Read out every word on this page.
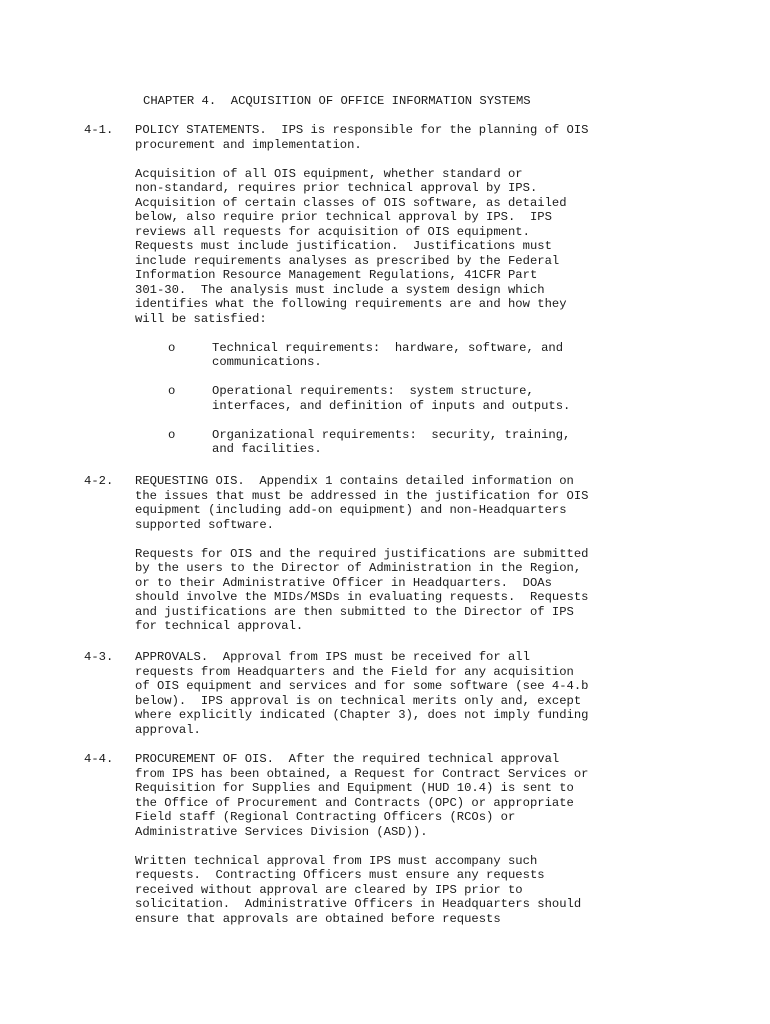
CHAPTER 4.  ACQUISITION OF OFFICE INFORMATION SYSTEMS
4-1. POLICY STATEMENTS.  IPS is responsible for the planning of OIS
procurement and implementation.
Acquisition of all OIS equipment, whether standard or
non-standard, requires prior technical approval by IPS.
Acquisition of certain classes of OIS software, as detailed
below, also require prior technical approval by IPS.  IPS
reviews all requests for acquisition of OIS equipment.
Requests must include justification.  Justifications must
include requirements analyses as prescribed by the Federal
Information Resource Management Regulations, 41CFR Part
301-30.  The analysis must include a system design which
identifies what the following requirements are and how they
will be satisfied:
o	Technical requirements:  hardware, software, and
communications.
o	Operational requirements:  system structure,
interfaces, and definition of inputs and outputs.
o	Organizational requirements:  security, training,
and facilities.
4-2. REQUESTING OIS.  Appendix 1 contains detailed information on
the issues that must be addressed in the justification for OIS
equipment (including add-on equipment) and non-Headquarters
supported software.
Requests for OIS and the required justifications are submitted
by the users to the Director of Administration in the Region,
or to their Administrative Officer in Headquarters.  DOAs
should involve the MIDs/MSDs in evaluating requests.  Requests
and justifications are then submitted to the Director of IPS
for technical approval.
4-3. APPROVALS.  Approval from IPS must be received for all
requests from Headquarters and the Field for any acquisition
of OIS equipment and services and for some software (see 4-4.b
below).  IPS approval is on technical merits only and, except
where explicitly indicated (Chapter 3), does not imply funding
approval.
4-4. PROCUREMENT OF OIS.  After the required technical approval
from IPS has been obtained, a Request for Contract Services or
Requisition for Supplies and Equipment (HUD 10.4) is sent to
the Office of Procurement and Contracts (OPC) or appropriate
Field staff (Regional Contracting Officers (RCOs) or
Administrative Services Division (ASD)).
Written technical approval from IPS must accompany such
requests.  Contracting Officers must ensure any requests
received without approval are cleared by IPS prior to
solicitation.  Administrative Officers in Headquarters should
ensure that approvals are obtained before requests
